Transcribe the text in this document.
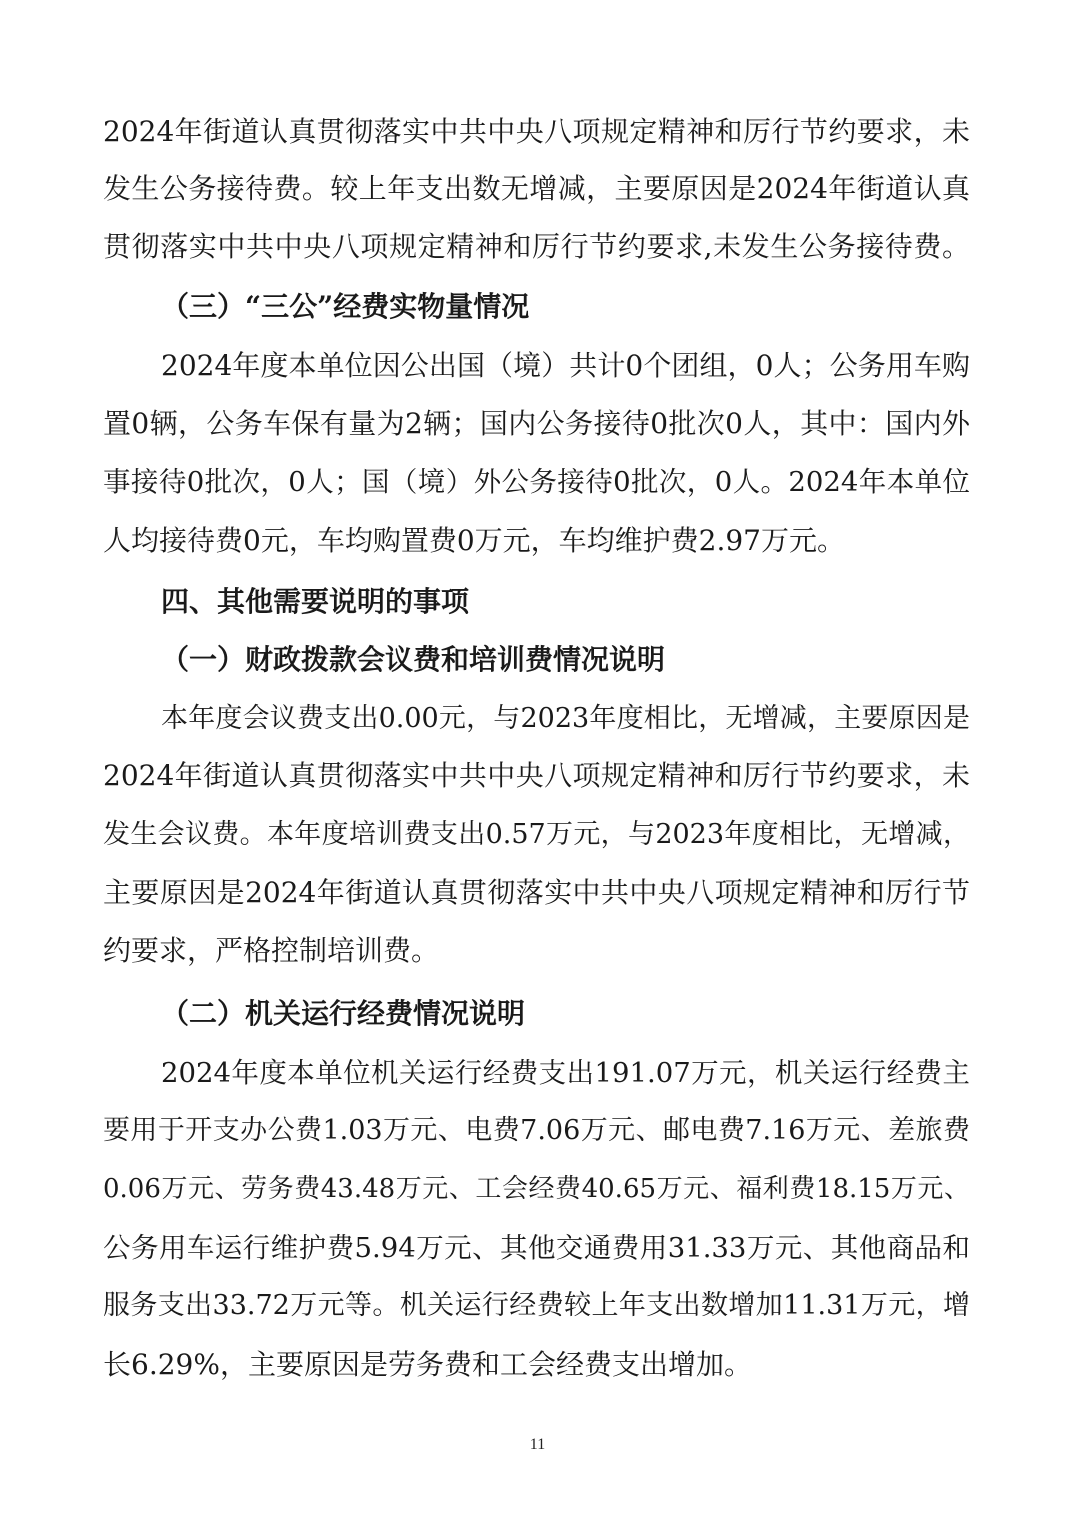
2024年街道认真贯彻落实中共中央八项规定精神和厉行节约要求，未
发生公务接待费。较上年支出数无增减，主要原因是2024年街道认真
贯彻落实中共中央八项规定精神和厉行节约要求,未发生公务接待费。
（三）“三公”经费实物量情况
2024年度本单位因公出国（境）共计0个团组，0人；公务用车购
置0辆，公务车保有量为2辆；国内公务接待0批次0人，其中：国内外
事接待0批次，0人；国（境）外公务接待0批次，0人。2024年本单位
人均接待费0元，车均购置费0万元，车均维护费2.97万元。
四、其他需要说明的事项
（一）财政拨款会议费和培训费情况说明
本年度会议费支出0.00元，与2023年度相比，无增减，主要原因是
2024年街道认真贯彻落实中共中央八项规定精神和厉行节约要求，未
发生会议费。本年度培训费支出0.57万元，与2023年度相比，无增减，
主要原因是2024年街道认真贯彻落实中共中央八项规定精神和厉行节
约要求，严格控制培训费。
（二）机关运行经费情况说明
2024年度本单位机关运行经费支出191.07万元，机关运行经费主
要用于开支办公费1.03万元、电费7.06万元、邮电费7.16万元、差旅费
0.06万元、劳务费43.48万元、工会经费40.65万元、福利费18.15万元、
公务用车运行维护费5.94万元、其他交通费用31.33万元、其他商品和
服务支出33.72万元等。机关运行经费较上年支出数增加11.31万元，增
长6.29%，主要原因是劳务费和工会经费支出增加。
11
